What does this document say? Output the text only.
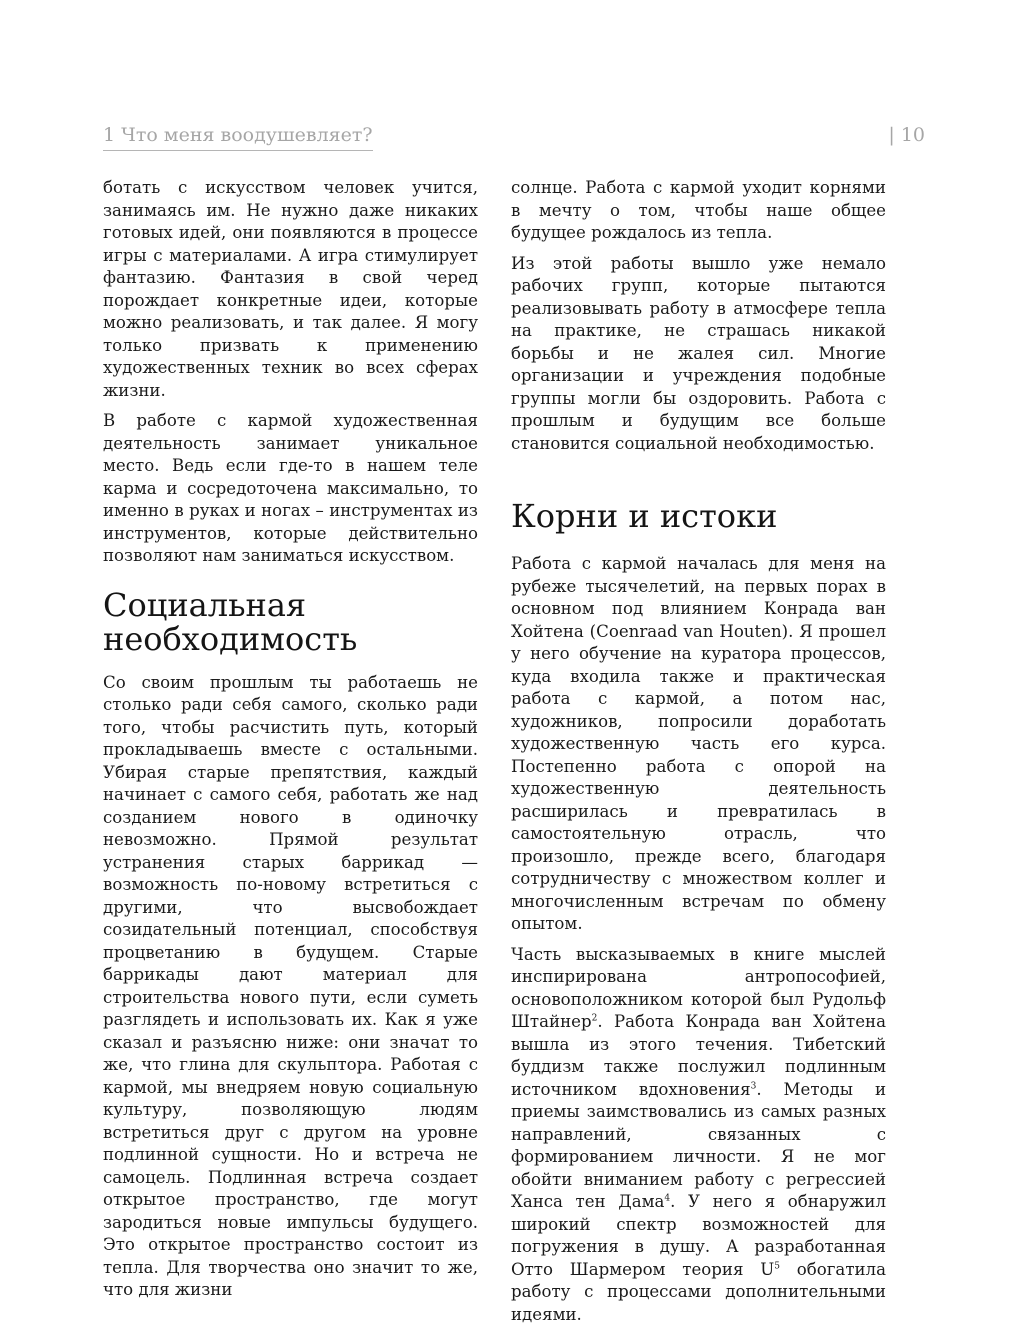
1 Что меня воодушевляет?	| 10

ботать с искусством человек учится, занимаясь им. Не нужно даже никаких готовых идей, они появляются в процессе игры с материалами. А игра стимулирует фантазию. Фантазия в свой черед порождает конкретные идеи, которые можно реализовать, и так далее. Я могу только призвать к применению художественных техник во всех сферах жизни.

В работе с кармой художественная деятельность занимает уникальное место. Ведь если где-то в нашем теле карма и сосредоточена максимально, то именно в руках и ногах – инструментах из инструментов, которые действительно позволяют нам заниматься искусством.

Социальная
необходимость

Со своим прошлым ты работаешь не столько ради себя самого, сколько ради того, чтобы расчистить путь, который прокладываешь вместе с остальными. Убирая старые препятствия, каждый начинает с самого себя, работать же над созданием нового в одиночку невозможно. Прямой результат устранения старых баррикад — возможность по-новому встретиться с другими, что высвобождает созидательный потенциал, способствуя процветанию в будущем. Старые баррикады дают материал для строительства нового пути, если суметь разглядеть и использовать их. Как я уже сказал и разъясню ниже: они значат то же, что глина для скульптора. Работая с кармой, мы внедряем новую социальную культуру, позволяющую людям встретиться друг с другом на уровне подлинной сущности. Но и встреча не самоцель. Подлинная встреча создает открытое пространство, где могут зародиться новые импульсы будущего. Это открытое пространство состоит из тепла. Для творчества оно значит то же, что для жизни

солнце. Работа с кармой уходит корнями в мечту о том, чтобы наше общее будущее рождалось из тепла.

Из этой работы вышло уже немало рабочих групп, которые пытаются реализовывать работу в атмосфере тепла на практике, не страшась никакой борьбы и не жалея сил. Многие организации и учреждения подобные группы могли бы оздоровить. Работа с прошлым и будущим все больше становится социальной необходимостью.

Корни и истоки

Работа с кармой началась для меня на рубеже тысячелетий, на первых порах в основном под влиянием Конрада ван Хойтена (Coenraad van Houten). Я прошел у него обучение на куратора процессов, куда входила также и практическая работа с кармой, а потом нас, художников, попросили доработать художественную часть его курса. Постепенно работа с опорой на художественную деятельность расширилась и превратилась в самостоятельную отрасль, что произошло, прежде всего, благодаря сотрудничеству с множеством коллег и многочисленным встречам по обмену опытом.

Часть высказываемых в книге мыслей инспирирована антропософией, основоположником которой был Рудольф Штайнер$^2$. Работа Конрада ван Хойтена вышла из этого течения. Тибетский буддизм также послужил подлинным источником вдохновения$^3$. Методы и приемы заимствовались из самых разных направлений, связанных с формированием личности. Я не мог обойти вниманием работу с регрессией Ханса тен Дама$^4$. У него я обнаружил широкий спектр возможностей для погружения в душу. А разработанная Отто Шармером теория U$^5$ обогатила работу с процессами дополнительными идеями.
